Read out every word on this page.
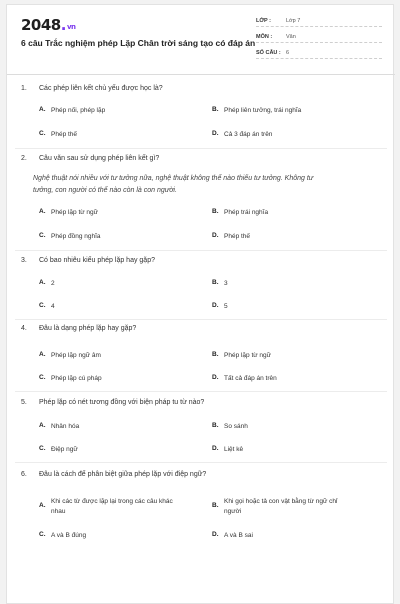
2048.vn
6 câu Trắc nghiệm phép Lặp Chân trời sáng tạo có đáp án
LỚP :	Lớp 7
MÔN :	Văn
SỐ CÂU : 6
1. Các phép liên kết chủ yếu được học là?
A. Phép nối, phép lặp	B. Phép liên tưởng, trái nghĩa
C. Phép thế	D. Cả 3 đáp án trên
2. Câu văn sau sử dụng phép liên kết gì?
Nghệ thuật nói nhiều với tư tưởng nữa, nghệ thuật không thể nào thiếu tư tưởng. Không tư
tưởng, con người có thể nào còn là con người.
A. Phép lặp từ ngữ	B. Phép trái nghĩa
C. Phép đồng nghĩa	D. Phép thế
3. Có bao nhiêu kiểu phép lặp hay gặp?
A. 2	B. 3
C. 4	D. 5
4. Đâu là dạng phép lặp hay gặp?
A. Phép lặp ngữ âm	B. Phép lặp từ ngữ
C. Phép lặp cú pháp	D. Tất cả đáp án trên
5. Phép lặp có nét tương đồng với biện pháp tu từ nào?
A. Nhân hóa	B. So sánh
C. Điệp ngữ	D. Liệt kê
6. Đâu là cách để phân biệt giữa phép lặp với điệp ngữ?
A.
Khi các từ được lặp lại trong các câu khác
nhau
B.
Khi gọi hoặc tả con vật bằng từ ngữ chỉ
người
C. A và B đúng	D. A và B sai
